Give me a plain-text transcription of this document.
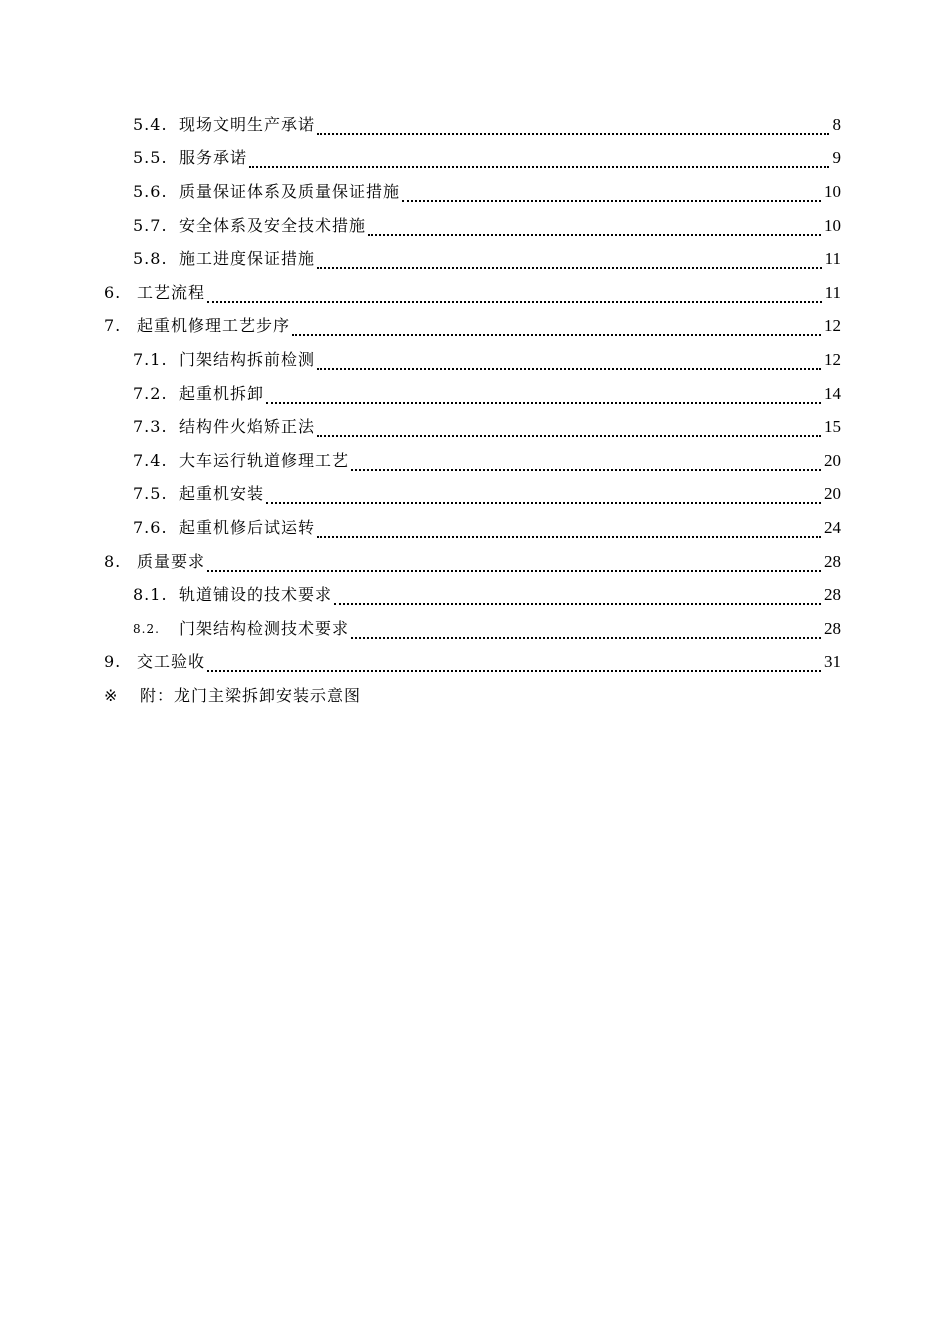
5.4. 现场文明生产承诺	8
5.5. 服务承诺	9
5.6. 质量保证体系及质量保证措施	10
5.7. 安全体系及安全技术措施	10
5.8. 施工进度保证措施	11
6. 工艺流程	11
7. 起重机修理工艺步序	12
7.1. 门架结构拆前检测	12
7.2. 起重机拆卸	14
7.3. 结构件火焰矫正法	15
7.4. 大车运行轨道修理工艺	20
7.5. 起重机安装	20
7.6. 起重机修后试运转	24
8. 质量要求	28
8.1. 轨道铺设的技术要求	28
8.2.	门架结构检测技术要求	28
9. 交工验收	31
※ 附：龙门主梁拆卸安装示意图
